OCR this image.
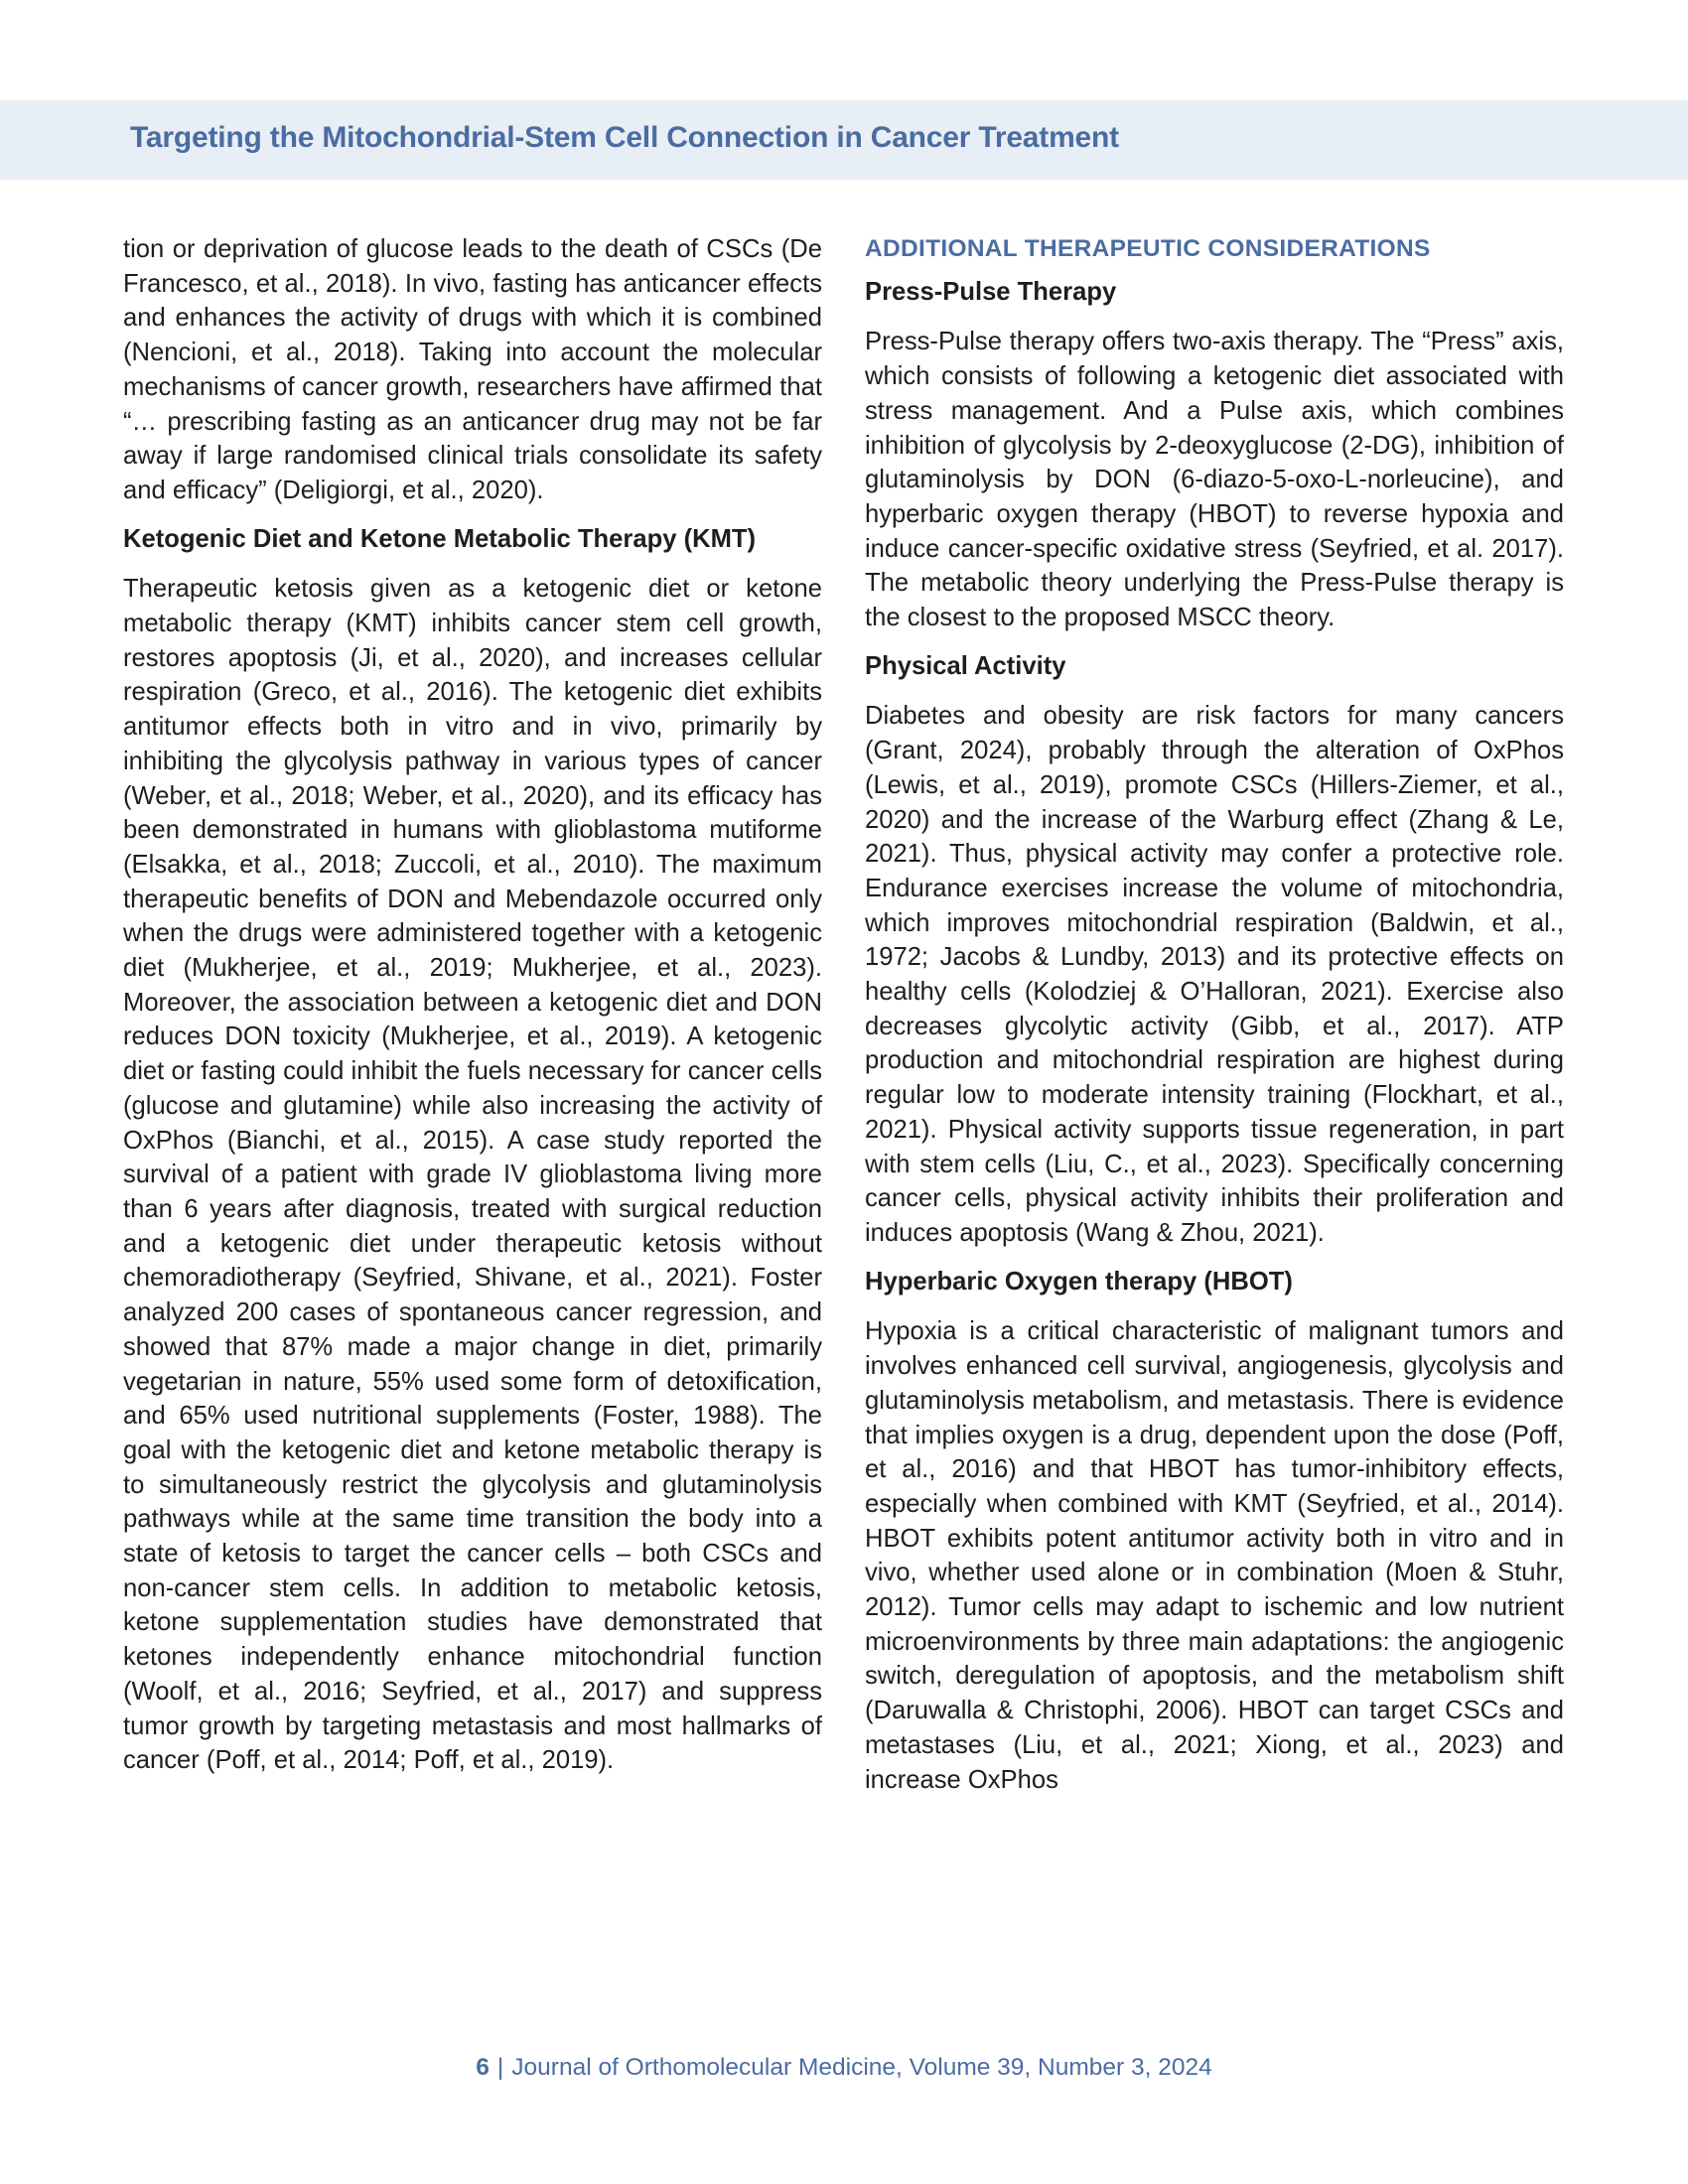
Targeting the Mitochondrial-Stem Cell Connection in Cancer Treatment

tion or deprivation of glucose leads to the death of CSCs (De Francesco, et al., 2018). In vivo, fasting has anticancer effects and enhances the activity of drugs with which it is combined (Nencioni, et al., 2018). Taking into account the molecular mechanisms of cancer growth, researchers have affirmed that “… prescribing fasting as an anticancer drug may not be far away if large randomised clinical trials consolidate its safety and efficacy” (Deligiorgi, et al., 2020).

Ketogenic Diet and Ketone Metabolic Therapy (KMT)

Therapeutic ketosis given as a ketogenic diet or ketone metabolic therapy (KMT) inhibits cancer stem cell growth, restores apoptosis (Ji, et al., 2020), and increases cellular respiration (Greco, et al., 2016). The ketogenic diet exhibits antitumor effects both in vitro and in vivo, primarily by inhibiting the glycolysis pathway in various types of cancer (Weber, et al., 2018; Weber, et al., 2020), and its efficacy has been demonstrated in humans with glioblastoma mutiforme (Elsakka, et al., 2018; Zuccoli, et al., 2010). The maximum therapeutic benefits of DON and Mebendazole occurred only when the drugs were administered together with a ketogenic diet (Mukherjee, et al., 2019; Mukherjee, et al., 2023). Moreover, the association between a ketogenic diet and DON reduces DON toxicity (Mukherjee, et al., 2019). A ketogenic diet or fasting could inhibit the fuels necessary for cancer cells (glucose and glutamine) while also increasing the activity of OxPhos (Bianchi, et al., 2015). A case study reported the survival of a patient with grade IV glioblastoma living more than 6 years after diagnosis, treated with surgical reduction and a ketogenic diet under therapeutic ketosis without chemoradiotherapy (Seyfried, Shivane, et al., 2021). Foster analyzed 200 cases of spontaneous cancer regression, and showed that 87% made a major change in diet, primarily vegetarian in nature, 55% used some form of detoxification, and 65% used nutritional supplements (Foster, 1988). The goal with the ketogenic diet and ketone metabolic therapy is to simultaneously restrict the glycolysis and glutaminolysis pathways while at the same time transition the body into a state of ketosis to target the cancer cells – both CSCs and non-cancer stem cells. In addition to metabolic ketosis, ketone supplementation studies have demonstrated that ketones independently enhance mitochondrial function (Woolf, et al., 2016; Seyfried, et al., 2017) and suppress tumor growth by targeting metastasis and most hallmarks of cancer (Poff, et al., 2014; Poff, et al., 2019).

ADDITIONAL THERAPEUTIC CONSIDERATIONS
Press-Pulse Therapy

Press-Pulse therapy offers two-axis therapy. The “Press” axis, which consists of following a ketogenic diet associated with stress management. And a Pulse axis, which combines inhibition of glycolysis by 2-deoxyglucose (2-DG), inhibition of glutaminolysis by DON (6-diazo-5-oxo-L-norleucine), and hyperbaric oxygen therapy (HBOT) to reverse hypoxia and induce cancer-specific oxidative stress (Seyfried, et al. 2017). The metabolic theory underlying the Press-Pulse therapy is the closest to the proposed MSCC theory.

Physical Activity

Diabetes and obesity are risk factors for many cancers (Grant, 2024), probably through the alteration of OxPhos (Lewis, et al., 2019), promote CSCs (Hillers-Ziemer, et al., 2020) and the increase of the Warburg effect (Zhang & Le, 2021). Thus, physical activity may confer a protective role. Endurance exercises increase the volume of mitochondria, which improves mitochondrial respiration (Baldwin, et al., 1972; Jacobs & Lundby, 2013) and its protective effects on healthy cells (Kolodziej & O’Halloran, 2021). Exercise also decreases glycolytic activity (Gibb, et al., 2017). ATP production and mitochondrial respiration are highest during regular low to moderate intensity training (Flockhart, et al., 2021). Physical activity supports tissue regeneration, in part with stem cells (Liu, C., et al., 2023). Specifically concerning cancer cells, physical activity inhibits their proliferation and induces apoptosis (Wang & Zhou, 2021).

Hyperbaric Oxygen therapy (HBOT)

Hypoxia is a critical characteristic of malignant tumors and involves enhanced cell survival, angiogenesis, glycolysis and glutaminolysis metabolism, and metastasis. There is evidence that implies oxygen is a drug, dependent upon the dose (Poff, et al., 2016) and that HBOT has tumor-inhibitory effects, especially when combined with KMT (Seyfried, et al., 2014). HBOT exhibits potent antitumor activity both in vitro and in vivo, whether used alone or in combination (Moen & Stuhr, 2012). Tumor cells may adapt to ischemic and low nutrient microenvironments by three main adaptations: the angiogenic switch, deregulation of apoptosis, and the metabolism shift (Daruwalla & Christophi, 2006). HBOT can target CSCs and metastases (Liu, et al., 2021; Xiong, et al., 2023) and increase OxPhos

6 | Journal of Orthomolecular Medicine, Volume 39, Number 3, 2024
